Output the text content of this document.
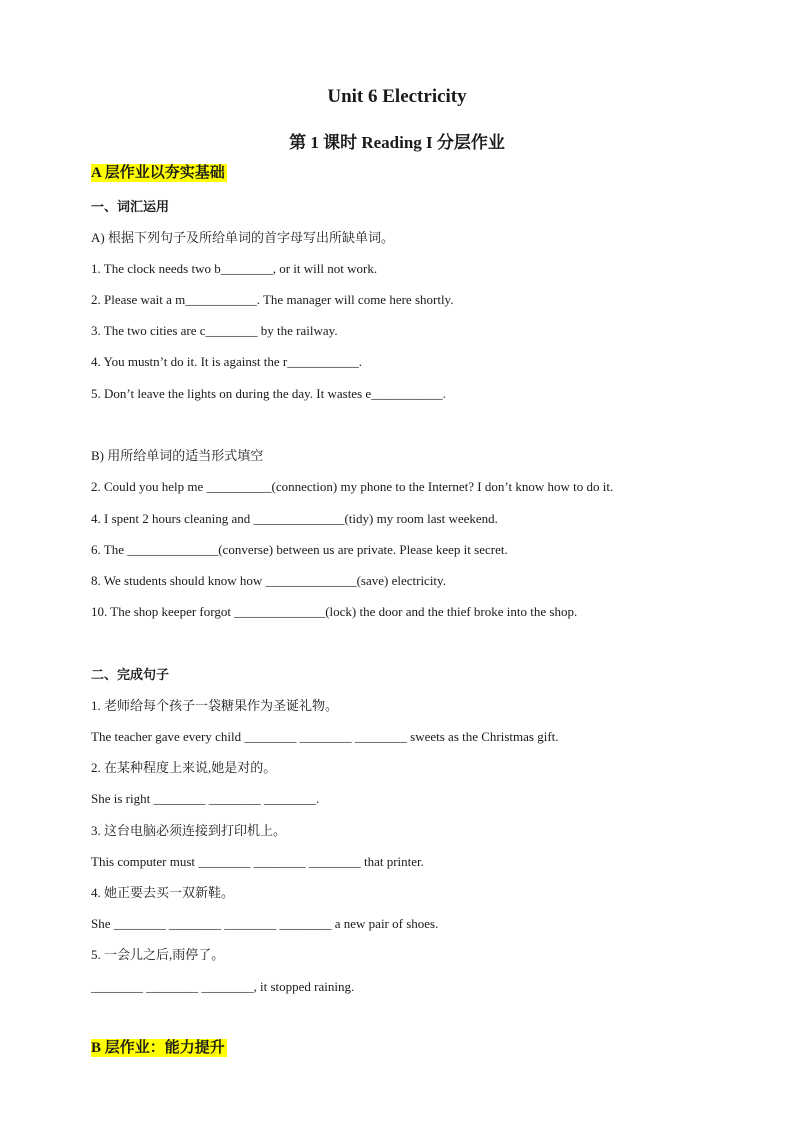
Unit 6 Electricity
第 1 课时 Reading I 分层作业
A 层作业以夯实基础
一、词汇运用
A) 根据下列句子及所给单词的首字母写出所缺单词。
1. The clock needs two b________, or it will not work.
2. Please wait a m___________. The manager will come here shortly.
3. The two cities are c________ by the railway.
4. You mustn’t do it. It is against the r___________.
5. Don’t leave the lights on during the day. It wastes e___________.
B) 用所给单词的适当形式填空
2. Could you help me __________(connection) my phone to the Internet? I don’t know how to do it.
4. I spent 2 hours cleaning and ______________(tidy) my room last weekend.
6. The ______________(converse) between us are private. Please keep it secret.
8. We students should know how ______________(save) electricity.
10. The shop keeper forgot ______________(lock) the door and the thief broke into the shop.
二、完成句子
1. 老师给每个孩子一袋糖果作为圣诞礼物。
The teacher gave every child ________ ________ ________ sweets as the Christmas gift.
2. 在某种程度上来说,她是对的。
She is right ________ ________ ________.
3. 这台电脑必须连接到打印机上。
This computer must ________ ________ ________ that printer.
4. 她正要去买一双新鞋。
She ________ ________ ________ ________ a new pair of shoes.
5. 一会儿之后,雨停了。
________ ________ ________, it stopped raining.
B 层作业：能力提升
